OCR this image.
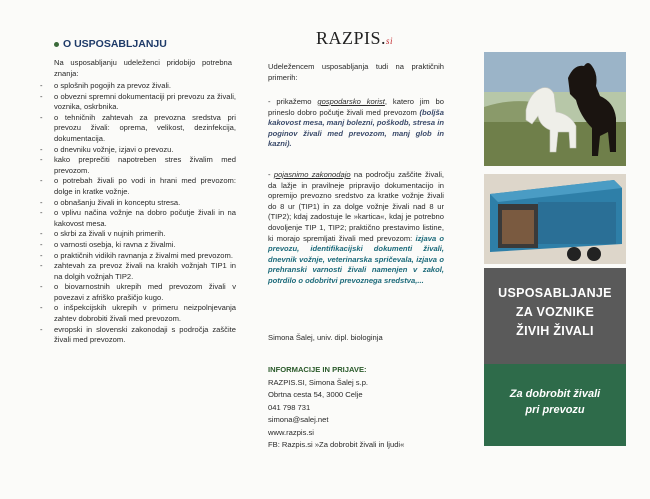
O USPOSABLJANJU
Na usposabljanju udeleženci pridobijo potrebna znanja:
- o splošnih pogojih za prevoz živali.
- o obvezni spremni dokumentaciji pri prevozu za živali, voznika, oskrbnika.
- o tehničnih zahtevah za prevozna sredstva pri prevozu živali: oprema, velikost, dezinfekcija, dokumentacija.
- o dnevniku vožnje, izjavi o prevozu.
- kako preprečiti napotreben stres živalim med prevozom.
- o potrebah živali po vodi in hrani med prevozom: dolge in kratke vožnje.
- o obnašanju živali in konceptu stresa.
- o vplivu načina vožnje na dobro počutje živali in na kakovost mesa.
- o skrbi za živali v nujnih primerih.
- o varnosti osebja, ki ravna z živalmi.
- o praktičnih vidikih ravnanja z živalmi med prevozom.
- zahtevah za prevoz živali na krakih vožnjah TIP1 in na dolgih vožnjah TIP2.
- o biovarnostnih ukrepih med prevozom živali v povezavi z afriško prašičjo kugo.
- o inšpekcijskih ukrepih v primeru neizpolnjevanja zahtev dobrobiti živali med prevozom.
- evropski in slovenski zakonodaji s področja zaščite živali med prevozom.
RAZPIS.si
Udeležencem usposabljanja tudi na praktičnih primerih:
- prikažemo gospodarsko korist, katero jim bo prineslo dobro počutje živali med prevozom (boljša kakovost mesa, manj bolezni, poškodb, stresa in poginov živali med prevozom, manj glob in kazni).
- pojasnimo zakonodajo na področju zaščite živali, da lažje in pravilneje pripravijo dokumentacijo in opremijo prevozno sredstvo za kratke vožnje živali do 8 ur (TIP1) in za dolge vožnje živali nad 8 ur (TIP2); kdaj zadostuje le »kartica«, kdaj je potrebno dovoljenje TIP 1, TIP2; praktično prestavimo listine, ki morajo spremljati živali med prevozom: izjava o prevozu, identifikacijski dokumenti živali, dnevnik vožnje, veterinarska spričevala, izjava o prehranski varnosti živali namenjen v zakol, potrdilo o odobritvi prevoznega sredstva,...
Simona Šalej, univ. dipl. biologinja
INFORMACIJE IN PRIJAVE:
RAZPIS.SI, Simona Šalej s.p.
Obrtna cesta 54, 3000 Celje
041 798 731
simona@salej.net
www.razpis.si
FB: Razpis.si »Za dobrobit živali in ljudi«
USPOSABLJANJE
ZA VOZNIKE
ŽIVIH ŽIVALI
Za dobrobit živali
pri prevozu
